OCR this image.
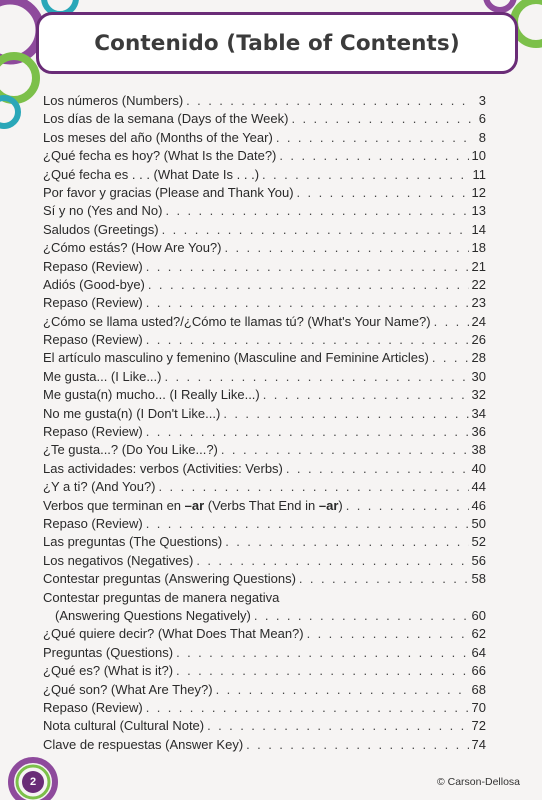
Contenido (Table of Contents)
Los números (Numbers) . . .	3
Los días de la semana (Days of the Week) . . .	6
Los meses del año (Months of the Year) . . .	8
¿Qué fecha es hoy? (What Is the Date?) . . .	10
¿Qué fecha es . . . (What Date Is . . .) . . .	11
Por favor y gracias (Please and Thank You) . . .	12
Sí y no (Yes and No) . . .	13
Saludos (Greetings) . . .	14
¿Cómo estás? (How Are You?) . . .	18
Repaso (Review) . . .	21
Adiós (Good-bye) . . .	22
Repaso (Review) . . .	23
¿Cómo se llama usted?/¿Cómo te llamas tú? (What's Your Name?) . . .	24
Repaso (Review) . . .	26
El artículo masculino y femenino (Masculine and Feminine Articles) . . .	28
Me gusta... (I Like...) . . .	30
Me gusta(n) mucho... (I Really Like...) . . .	32
No me gusta(n) (I Don't Like...) . . .	34
Repaso (Review) . . .	36
¿Te gusta...? (Do You Like...?) . . .	38
Las actividades: verbos (Activities: Verbs) . . .	40
¿Y a ti? (And You?) . . .	44
Verbos que terminan en –ar (Verbs That End in –ar) . . .	46
Repaso (Review) . . .	50
Las preguntas (The Questions) . . .	52
Los negativos (Negatives) . . .	56
Contestar preguntas (Answering Questions) . . .	58
Contestar preguntas de manera negativa
(Answering Questions Negatively) . . .	60
¿Qué quiere decir? (What Does That Mean?) . . .	62
Preguntas (Questions) . . .	64
¿Qué es? (What is it?) . . .	66
¿Qué son? (What Are They?) . . .	68
Repaso (Review) . . .	70
Nota cultural (Cultural Note) . . .	72
Clave de respuestas (Answer Key) . . .	74
2	© Carson-Dellosa
